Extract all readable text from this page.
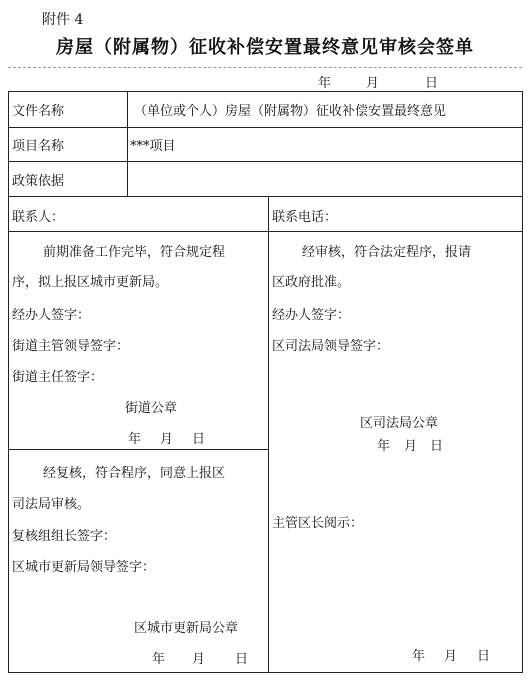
附件 4
房屋（附属物）征收补偿安置最终意见审核会签单
年	月	日
文件名称	（单位或个人）房屋（附属物）征收补偿安置最终意见
项目名称	***项目
政策依据
联系人：	联系电话：
前期准备工作完毕，符合规定程
序，拟上报区城市更新局。
经办人签字：
街道主管领导签字：
街道主任签字：
街道公章
年 月 日
经审核，符合法定程序，报请
区政府批准。
经办人签字：
区司法局领导签字：
区司法局公章
年 月 日
经复核，符合程序，同意上报区
司法局审核。
复核组组长签字：
区城市更新局领导签字：
区城市更新局公章
年 月 日
主管区长阅示：
年 月 日
